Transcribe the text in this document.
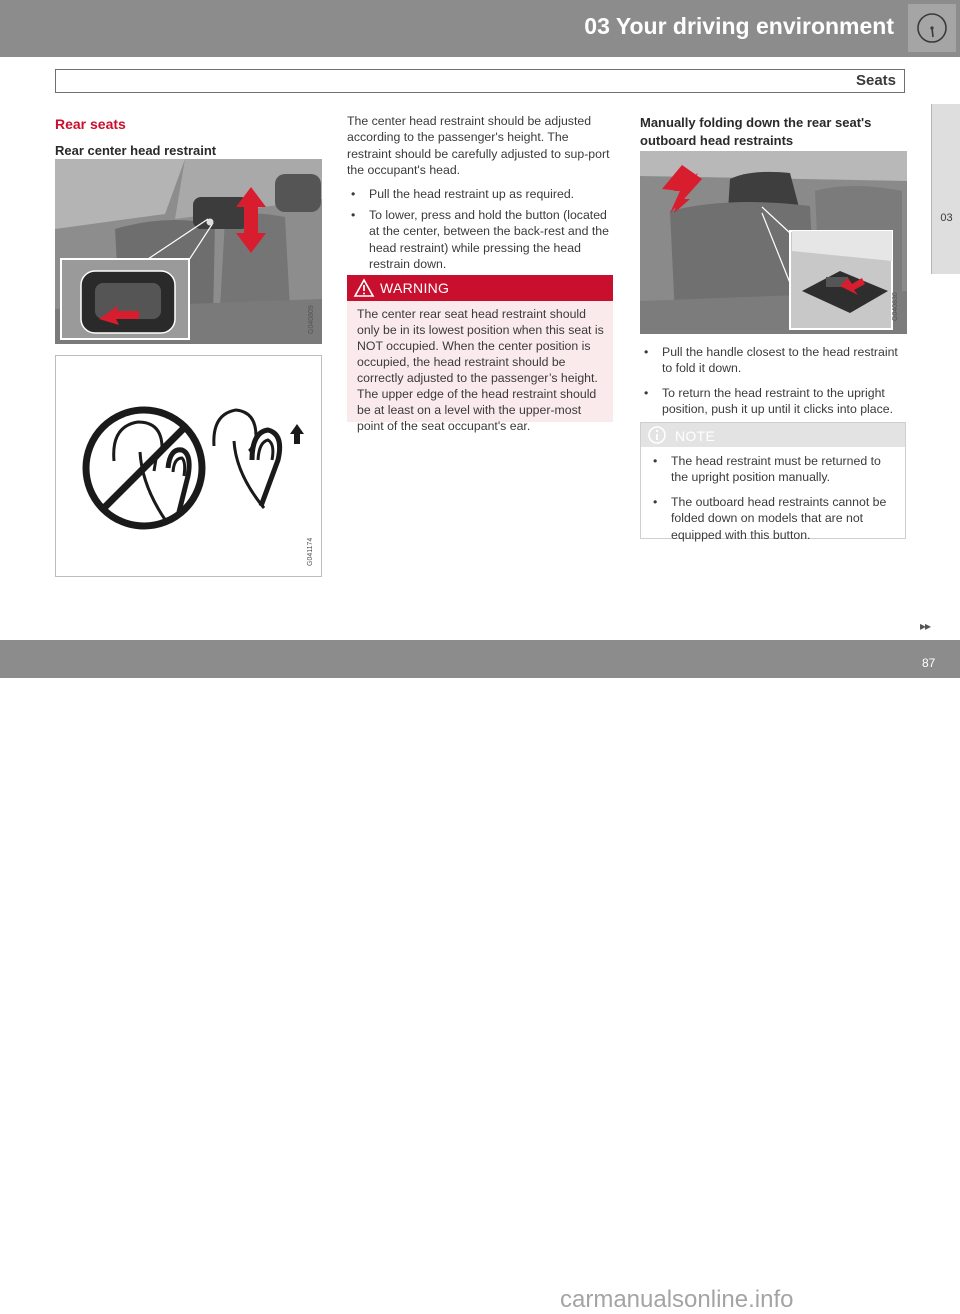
03 Your driving environment
Seats
03
Rear seats
Rear center head restraint
G040809
G041174

The center head restraint should be adjusted according to the passenger's height. The restraint should be carefully adjusted to sup-port the occupant's head.

• Pull the head restraint up as required.
• To lower, press and hold the button (located at the center, between the back-rest and the head restraint) while pressing the head restrain down.
WARNING
The center rear seat head restraint should only be in its lowest position when this seat is NOT occupied. When the center position is occupied, the head restraint should be correctly adjusted to the passenger’s height. The upper edge of the head restraint should be at least on a level with the upper-most point of the seat occupant's ear.
Manually folding down the rear seat's outboard head restraints
G040830
• Pull the handle closest to the head restraint to fold it down.
• To return the head restraint to the upright position, push it up until it clicks into place.
NOTE
• The head restraint must be returned to the upright position manually.
• The outboard head restraints cannot be folded down on models that are not equipped with this button.
▸▸
carmanualsonline.info
87
